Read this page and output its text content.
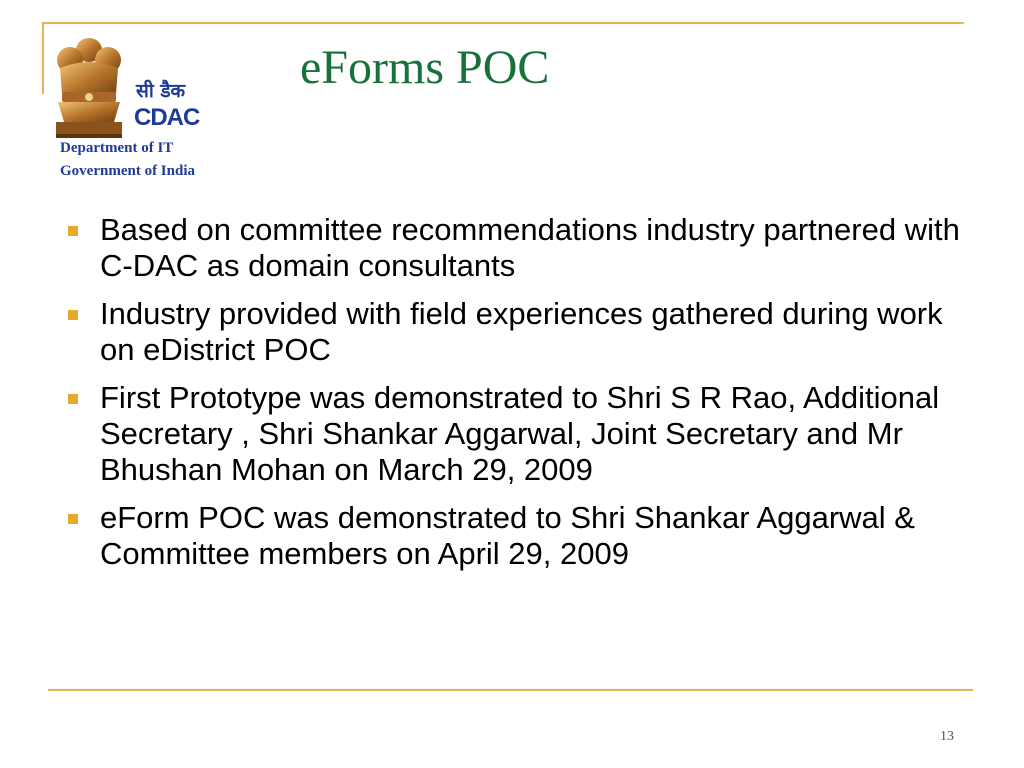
सी डैक
CDAC
Department of IT
Government of India
eForms POC
Based on committee recommendations industry partnered with C-DAC as domain consultants
Industry provided with field experiences gathered during work on eDistrict POC
First Prototype was demonstrated to Shri S R Rao, Additional Secretary , Shri Shankar Aggarwal, Joint Secretary and Mr Bhushan Mohan on March 29, 2009
eForm POC was demonstrated to Shri Shankar Aggarwal & Committee members on April 29, 2009
13
